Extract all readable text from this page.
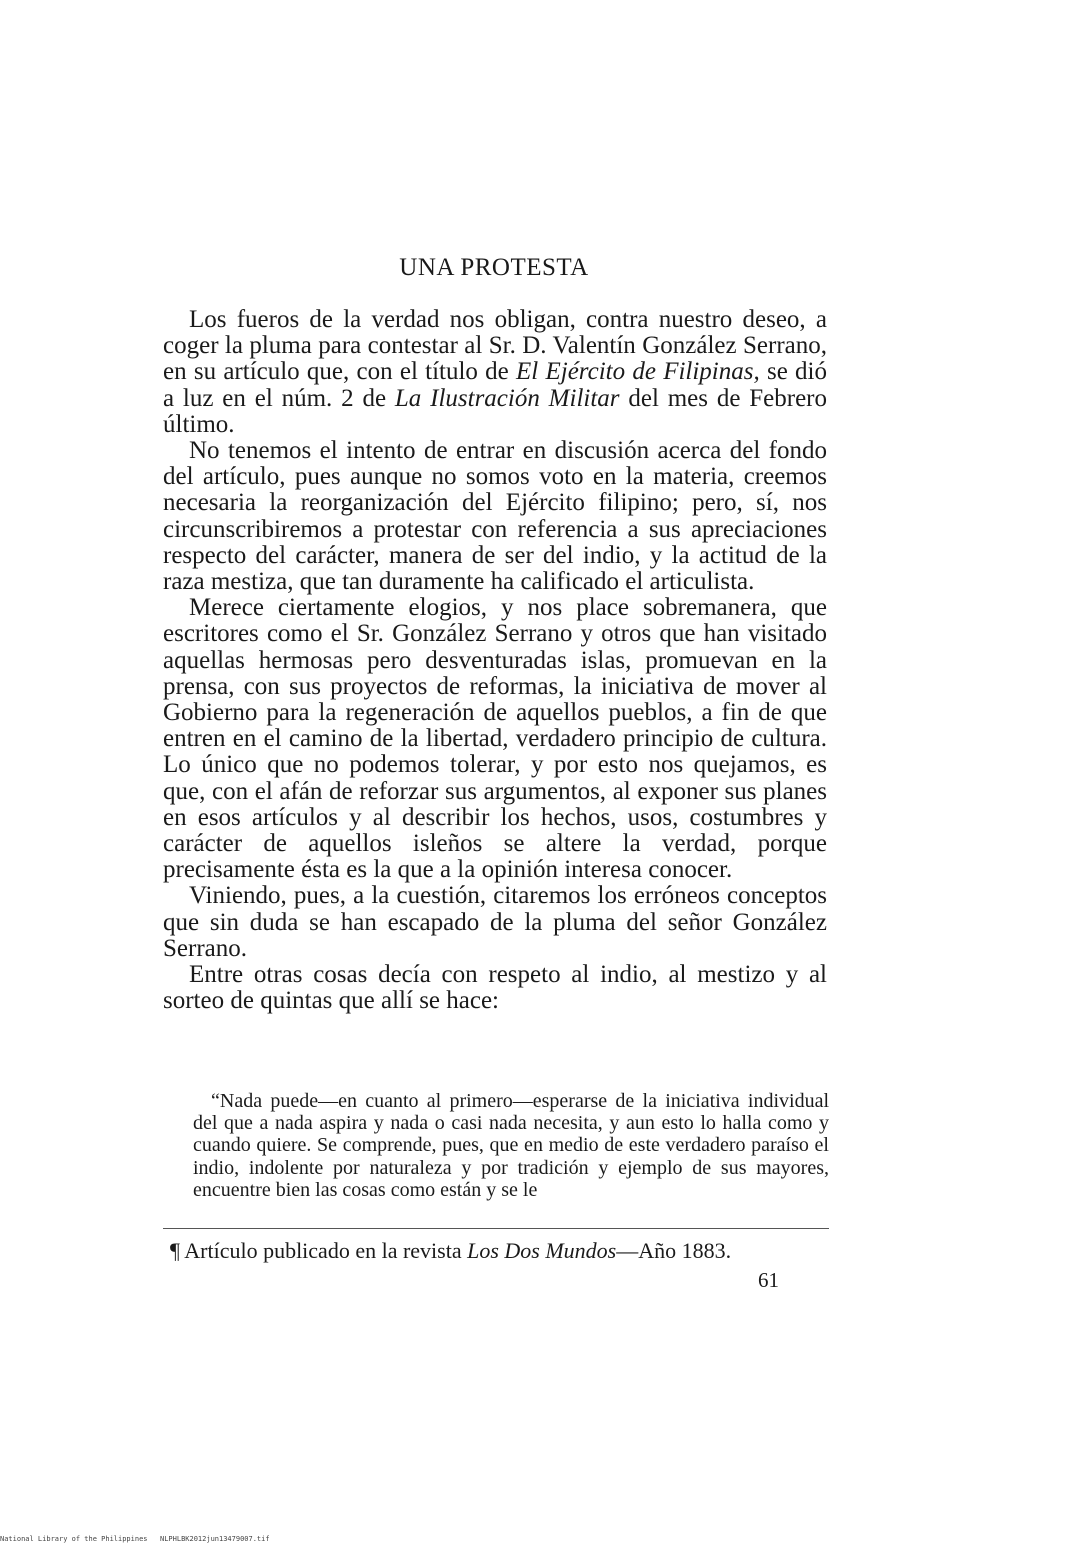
UNA PROTESTA

Los fueros de la verdad nos obligan, contra nuestro deseo, a coger la pluma para contestar al Sr. D. Valentín González Serrano, en su artículo que, con el título de El Ejército de Filipinas, se dió a luz en el núm. 2 de La Ilustración Militar del mes de Febrero último.

No tenemos el intento de entrar en discusión acerca del fondo del artículo, pues aunque no somos voto en la materia, creemos necesaria la reorganización del Ejército filipino; pero, sí, nos circunscribiremos a protestar con referencia a sus apreciaciones respecto del carácter, manera de ser del indio, y la actitud de la raza mestiza, que tan duramente ha calificado el articulista.

Merece ciertamente elogios, y nos place sobremanera, que escritores como el Sr. González Serrano y otros que han visitado aquellas hermosas pero desventuradas islas, promuevan en la prensa, con sus proyectos de reformas, la iniciativa de mover al Gobierno para la regeneración de aquellos pueblos, a fin de que entren en el camino de la libertad, verdadero principio de cultura. Lo único que no podemos tolerar, y por esto nos quejamos, es que, con el afán de reforzar sus argumentos, al exponer sus planes en esos artículos y al describir los hechos, usos, costumbres y carácter de aquellos isleños se altere la verdad, porque precisamente ésta es la que a la opinión interesa conocer.

Viniendo, pues, a la cuestión, citaremos los erróneos conceptos que sin duda se han escapado de la pluma del señor González Serrano.

Entre otras cosas decía con respeto al indio, al mestizo y al sorteo de quintas que allí se hace:

“Nada puede—en cuanto al primero—esperarse de la iniciativa individual del que a nada aspira y nada o casi nada necesita, y aun esto lo halla como y cuando quiere. Se comprende, pues, que en medio de este verdadero paraíso el indio, indolente por naturaleza y por tradición y ejemplo de sus mayores, encuentre bien las cosas como están y se le

¶ Artículo publicado en la revista Los Dos Mundos—Año 1883.

61

National Library of the Philippines NLPHLBK2012jun13479007.tif
